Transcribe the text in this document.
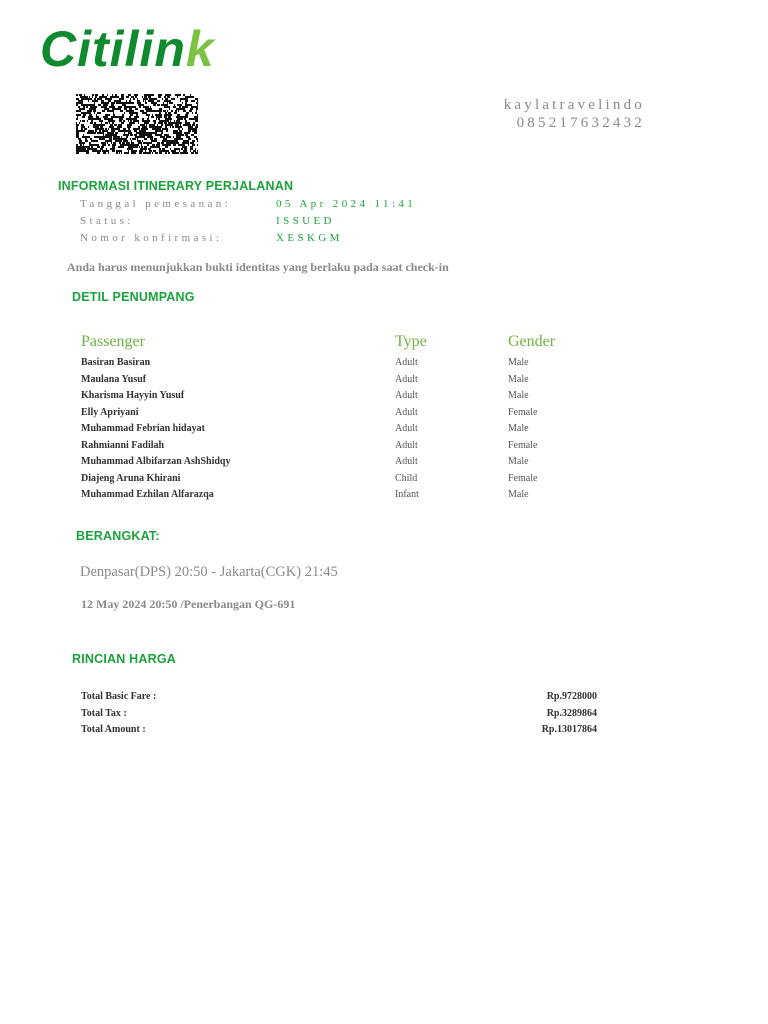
Citilink
kaylatravelindo
085217632432
INFORMASI ITINERARY PERJALANAN
Tanggal pemesanan:	05 Apr 2024 11:41
Status:	ISSUED
Nomor konfirmasi:	XESKGM
Anda harus menunjukkan bukti identitas yang berlaku pada saat check-in
DETIL PENUMPANG
Passenger	Type	Gender
Basiran Basiran	Adult	Male
Maulana Yusuf	Adult	Male
Kharisma Hayyin Yusuf	Adult	Male
Elly Apriyani	Adult	Female
Muhammad Febrian hidayat	Adult	Male
Rahmianni Fadilah	Adult	Female
Muhammad Albifarzan AshShidqy	Adult	Male
Diajeng Aruna Khirani	Child	Female
Muhammad Ezhilan Alfarazqa	Infant	Male
BERANGKAT:
Denpasar(DPS) 20:50 - Jakarta(CGK) 21:45
12 May 2024 20:50 /Penerbangan QG-691
RINCIAN HARGA
Total Basic Fare :	Rp.9728000
Total Tax :	Rp.3289864
Total Amount :	Rp.13017864
